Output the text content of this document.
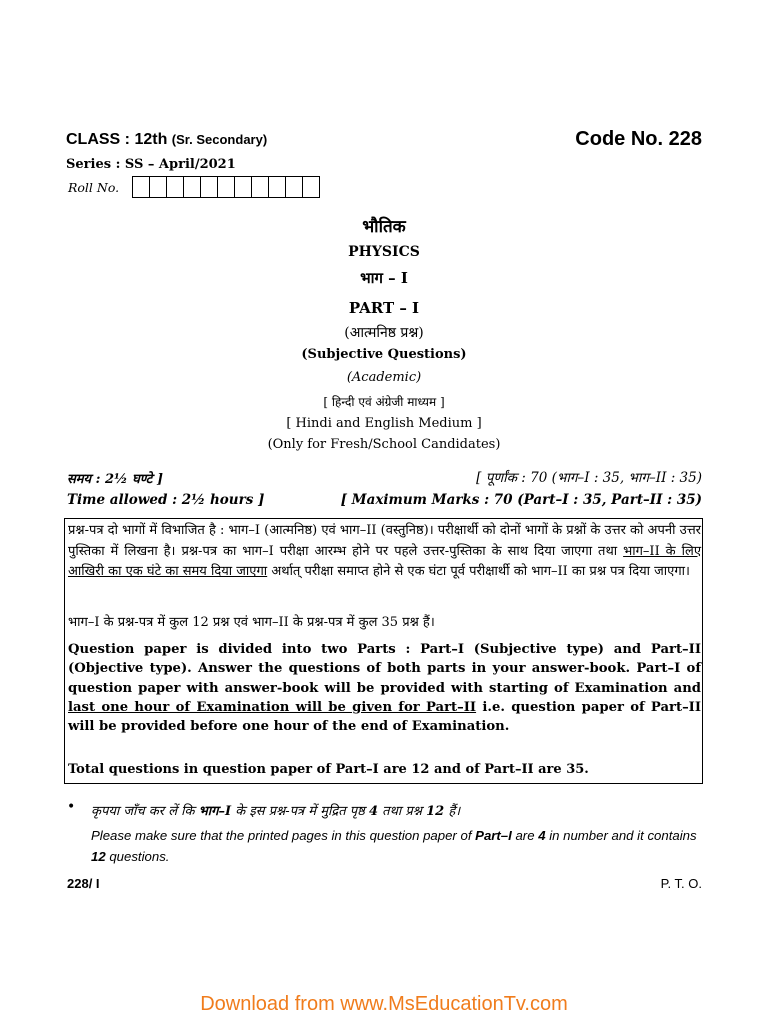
CLASS : 12th (Sr. Secondary)	Code No. 228
Series : SS – April/2021
Roll No.
भौतिक
PHYSICS
भाग – I
PART – I
(आत्मनिष्ठ प्रश्न)
(Subjective Questions)
(Academic)
[ हिन्दी एवं अंग्रेजी माध्यम ]
[ Hindi and English Medium ]
(Only for Fresh/School Candidates)
समय : 2½ घण्टे ]	[ पूर्णांक : 70 (भाग–I : 35, भाग–II : 35)
Time allowed : 2½ hours ]	[ Maximum Marks : 70 (Part–I : 35, Part–II : 35)

प्रश्न-पत्र दो भागों में विभाजित है : भाग–I (आत्मनिष्ठ) एवं भाग–II (वस्तुनिष्ठ)। परीक्षार्थी को दोनों भागों के प्रश्नों के उत्तर को अपनी उत्तर पुस्तिका में लिखना है। प्रश्न-पत्र का भाग–I परीक्षा आरम्भ होने पर पहले उत्तर-पुस्तिका के साथ दिया जाएगा तथा भाग–II के लिए आखिरी का एक घंटे का समय दिया जाएगा अर्थात् परीक्षा समाप्त होने से एक घंटा पूर्व परीक्षार्थी को भाग–II का प्रश्न पत्र दिया जाएगा।

भाग–I के प्रश्न-पत्र में कुल 12 प्रश्न एवं भाग–II के प्रश्न-पत्र में कुल 35 प्रश्न हैं।

Question paper is divided into two Parts : Part–I (Subjective type) and Part–II (Objective type). Answer the questions of both parts in your answer-book. Part–I of question paper with answer-book will be provided with starting of Examination and last one hour of Examination will be given for Part–II i.e. question paper of Part–II will be provided before one hour of the end of Examination.

Total questions in question paper of Part–I are 12 and of Part–II are 35.

• कृपया जाँच कर लें कि भाग–I के इस प्रश्न-पत्र में मुद्रित पृष्ठ 4 तथा प्रश्न 12 हैं।
Please make sure that the printed pages in this question paper of Part–I are 4 in number and it contains 12 questions.
228/ I	P. T. O.
Download from www.MsEducationTv.com
